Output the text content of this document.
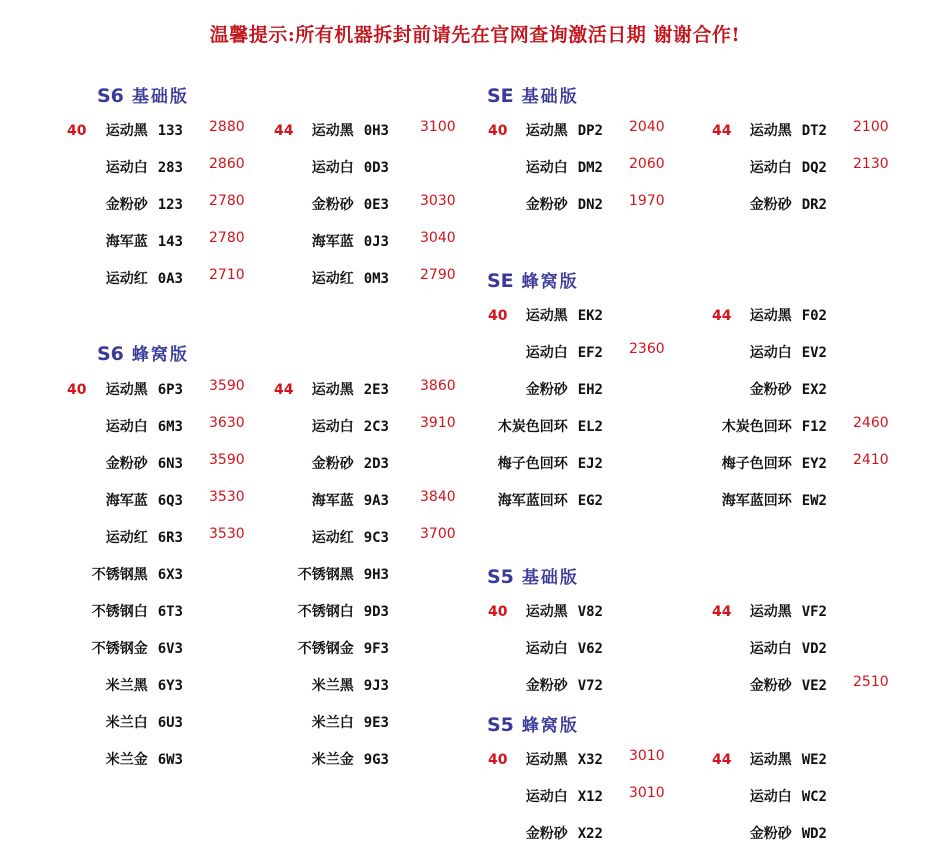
温馨提示:所有机器拆封前请先在官网查询激活日期 谢谢合作!
S6 基础版
S6 蜂窝版
SE 基础版
SE 蜂窝版
S5 基础版
S5 蜂窝版
40	运动黑 133 2880
运动白 283 2860
金粉砂 123 2780
海军蓝 143 2780
运动红 0A3 2710
44	运动黑 0H3 3100
运动白 0D3
金粉砂 0E3 3030
海军蓝 0J3 3040
运动红 0M3 2790
40	运动黑 6P3 3590
运动白 6M3 3630
金粉砂 6N3 3590
海军蓝 6Q3 3530
运动红 6R3 3530
不锈钢黑 6X3
不锈钢白 6T3
不锈钢金 6V3
米兰黑 6Y3
米兰白 6U3
米兰金 6W3
44	运动黑 2E3 3860
运动白 2C3 3910
金粉砂 2D3
海军蓝 9A3 3840
运动红 9C3 3700
不锈钢黑 9H3
不锈钢白 9D3
不锈钢金 9F3
米兰黑 9J3
米兰白 9E3
米兰金 9G3
40	运动黑 DP2 2040
运动白 DM2 2060
金粉砂 DN2 1970
44	运动黑 DT2 2100
运动白 DQ2 2130
金粉砂 DR2
40	运动黑 EK2
运动白 EF2 2360
金粉砂 EH2
木炭色回环 EL2
梅子色回环 EJ2
海军蓝回环 EG2
44	运动黑 F02
运动白 EV2
金粉砂 EX2
木炭色回环 F12 2460
梅子色回环 EY2 2410
海军蓝回环 EW2
40	运动黑 V82
运动白 V62
金粉砂 V72
44	运动黑 VF2
运动白 VD2
金粉砂 VE2 2510
40	运动黑 X32 3010
运动白 X12 3010
金粉砂 X22
44	运动黑 WE2
运动白 WC2
金粉砂 WD2
